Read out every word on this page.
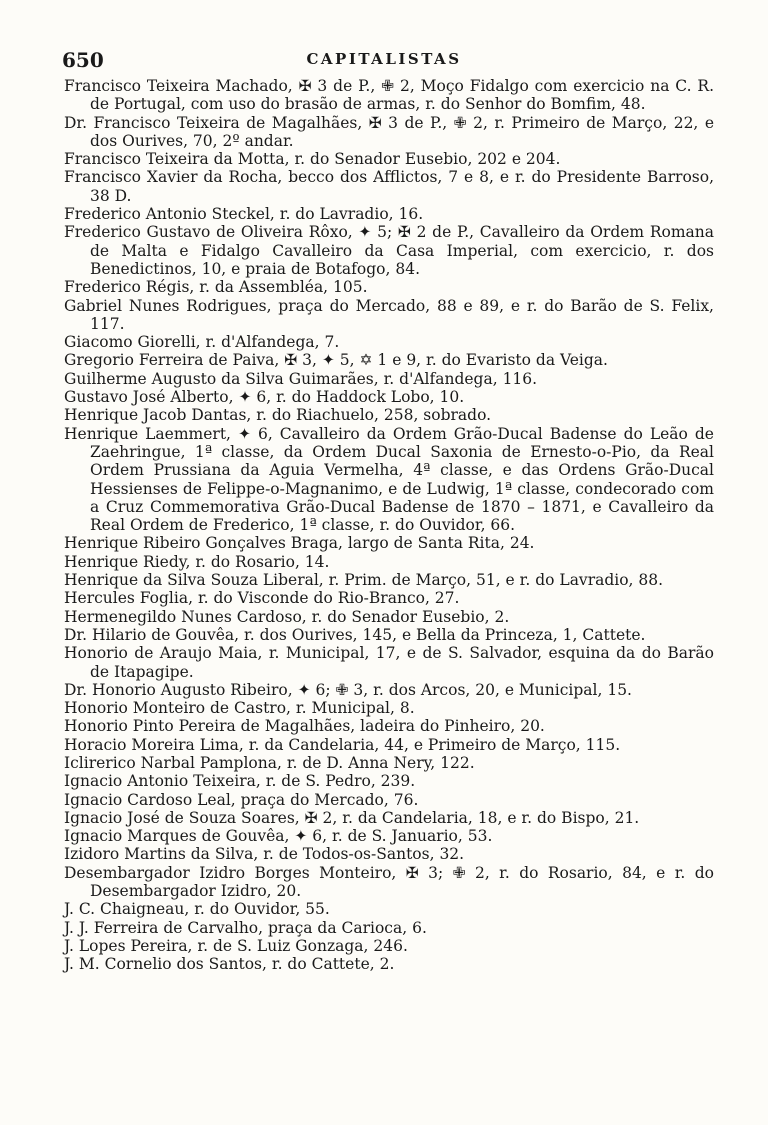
650	CAPITALISTAS

Francisco Teixeira Machado, ✠ 3 de P., ✙ 2, Moço Fidalgo com exercicio na C. R. de Portugal, com uso do brasão de armas, r. do Senhor do Bomfim, 48.

Dr. Francisco Teixeira de Magalhães, ✠ 3 de P., ✙ 2, r. Primeiro de Março, 22, e dos Ourives, 70, 2º andar.

Francisco Teixeira da Motta, r. do Senador Eusebio, 202 e 204.

Francisco Xavier da Rocha, becco dos Afflictos, 7 e 8, e r. do Presidente Barroso, 38 D.

Frederico Antonio Steckel, r. do Lavradio, 16.

Frederico Gustavo de Oliveira Rôxo, ✦ 5; ✠ 2 de P., Cavalleiro da Ordem Romana de Malta e Fidalgo Cavalleiro da Casa Imperial, com exercicio, r. dos Benedictinos, 10, e praia de Botafogo, 84.

Frederico Régis, r. da Assembléa, 105.

Gabriel Nunes Rodrigues, praça do Mercado, 88 e 89, e r. do Barão de S. Felix, 117.

Giacomo Giorelli, r. d'Alfandega, 7.

Gregorio Ferreira de Paiva, ✠ 3, ✦ 5, ✡ 1 e 9, r. do Evaristo da Veiga.

Guilherme Augusto da Silva Guimarães, r. d'Alfandega, 116.

Gustavo José Alberto, ✦ 6, r. do Haddock Lobo, 10.

Henrique Jacob Dantas, r. do Riachuelo, 258, sobrado.

Henrique Laemmert, ✦ 6, Cavalleiro da Ordem Grão-Ducal Badense do Leão de Zaehringue, 1ª classe, da Ordem Ducal Saxonia de Ernesto-o-Pio, da Real Ordem Prussiana da Aguia Vermelha, 4ª classe, e das Ordens Grão-Ducal Hessienses de Felippe-o-Magnanimo, e de Ludwig, 1ª classe, condecorado com a Cruz Commemorativa Grão-Ducal Badense de 1870 – 1871, e Cavalleiro da Real Ordem de Frederico, 1ª classe, r. do Ouvidor, 66.

Henrique Ribeiro Gonçalves Braga, largo de Santa Rita, 24.

Henrique Riedy, r. do Rosario, 14.

Henrique da Silva Souza Liberal, r. Prim. de Março, 51, e r. do Lavradio, 88.

Hercules Foglia, r. do Visconde do Rio-Branco, 27.

Hermenegildo Nunes Cardoso, r. do Senador Eusebio, 2.

Dr. Hilario de Gouvêa, r. dos Ourives, 145, e Bella da Princeza, 1, Cattete.

Honorio de Araujo Maia, r. Municipal, 17, e de S. Salvador, esquina da do Barão de Itapagipe.

Dr. Honorio Augusto Ribeiro, ✦ 6; ✙ 3, r. dos Arcos, 20, e Municipal, 15.

Honorio Monteiro de Castro, r. Municipal, 8.

Honorio Pinto Pereira de Magalhães, ladeira do Pinheiro, 20.

Horacio Moreira Lima, r. da Candelaria, 44, e Primeiro de Março, 115.

Iclirerico Narbal Pamplona, r. de D. Anna Nery, 122.

Ignacio Antonio Teixeira, r. de S. Pedro, 239.

Ignacio Cardoso Leal, praça do Mercado, 76.

Ignacio José de Souza Soares, ✠ 2, r. da Candelaria, 18, e r. do Bispo, 21.

Ignacio Marques de Gouvêa, ✦ 6, r. de S. Januario, 53.

Izidoro Martins da Silva, r. de Todos-os-Santos, 32.

Desembargador Izidro Borges Monteiro, ✠ 3; ✙ 2, r. do Rosario, 84, e r. do Desembargador Izidro, 20.

J. C. Chaigneau, r. do Ouvidor, 55.

J. J. Ferreira de Carvalho, praça da Carioca, 6.

J. Lopes Pereira, r. de S. Luiz Gonzaga, 246.

J. M. Cornelio dos Santos, r. do Cattete, 2.
